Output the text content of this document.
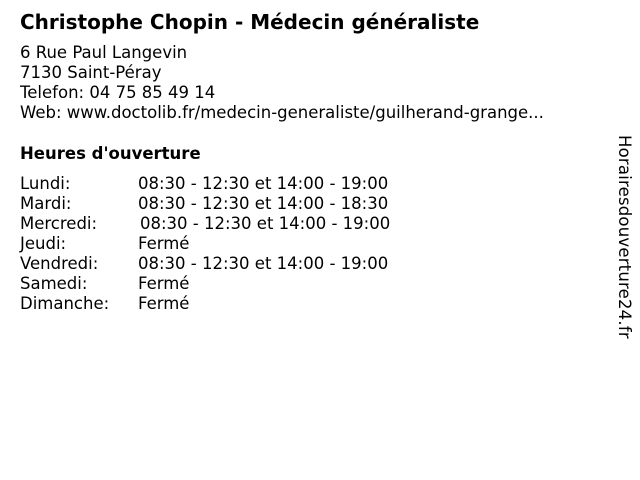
Christophe Chopin - Médecin généraliste
6 Rue Paul Langevin
7130 Saint-Péray
Telefon: 04 75 85 49 14
Web: www.doctolib.fr/medecin-generaliste/guilherand-grange...
Heures d'ouverture
Lundi:	08:30 - 12:30 et 14:00 - 19:00
Mardi:	08:30 - 12:30 et 14:00 - 18:30
Mercredi:	08:30 - 12:30 et 14:00 - 19:00
Jeudi:	Fermé
Vendredi: 08:30 - 12:30 et 14:00 - 19:00
Samedi:	Fermé
Dimanche: Fermé	Horairesdouverture24.fr
